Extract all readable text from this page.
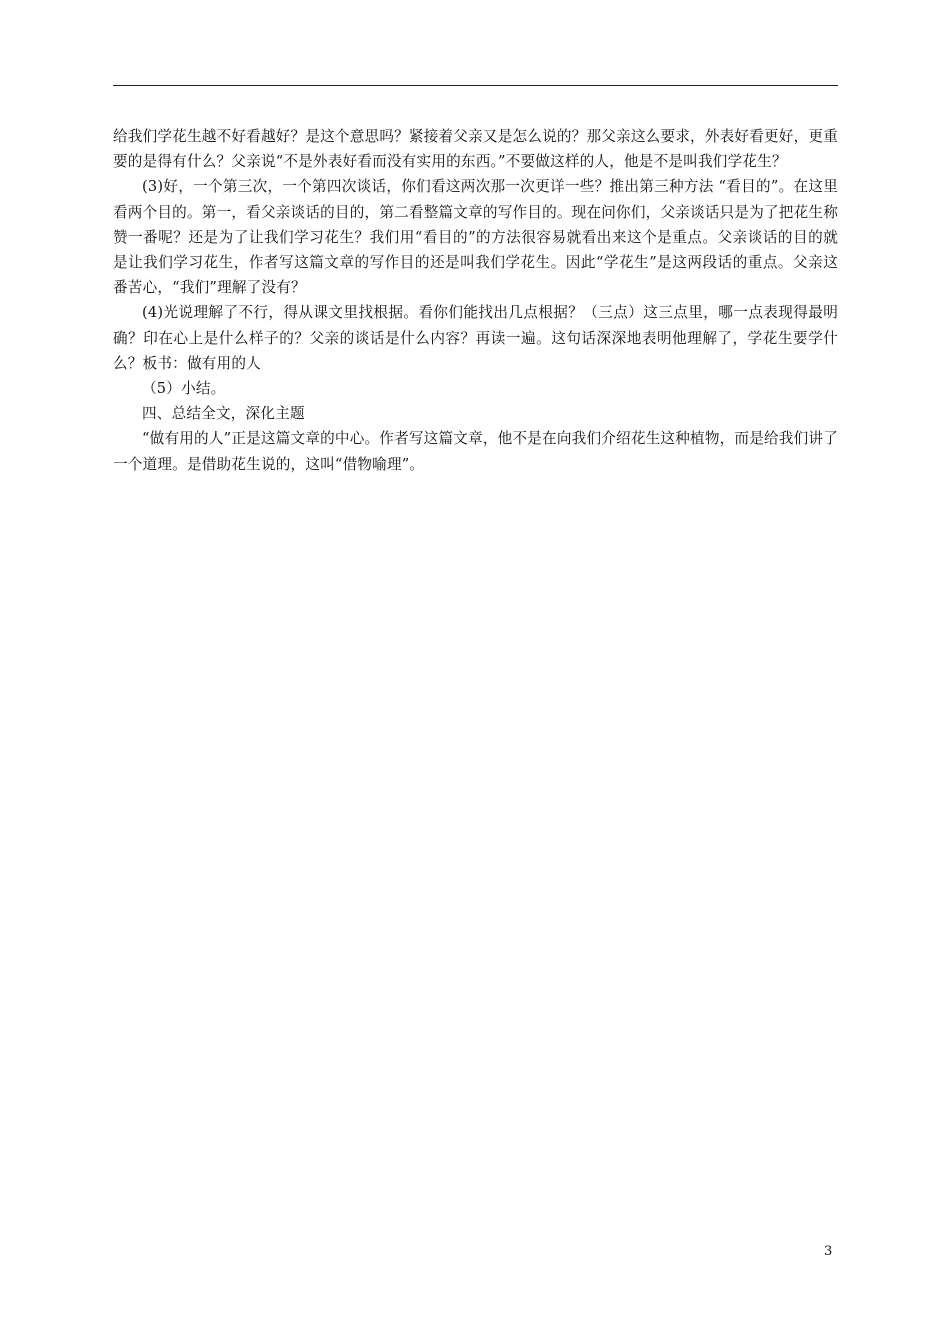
给我们学花生越不好看越好？是这个意思吗？紧接着父亲又是怎么说的？那父亲这么要求，外表好看更好，更重要的是得有什么？父亲说“不是外表好看而没有实用的东西。”不要做这样的人，他是不是叫我们学花生？

(3)好，一个第三次，一个第四次谈话，你们看这两次那一次更详一些？推出第三种方法 “看目的”。在这里看两个目的。第一，看父亲谈话的目的，第二看整篇文章的写作目的。现在问你们，父亲谈话只是为了把花生称赞一番呢？还是为了让我们学习花生？我们用“看目的”的方法很容易就看出来这个是重点。父亲谈话的目的就是让我们学习花生，作者写这篇文章的写作目的还是叫我们学花生。因此“学花生”是这两段话的重点。父亲这番苦心，“我们”理解了没有？

(4)光说理解了不行，得从课文里找根据。看你们能找出几点根据？（三点）这三点里，哪一点表现得最明确？印在心上是什么样子的？父亲的谈话是什么内容？再读一遍。这句话深深地表明他理解了，学花生要学什么？板书：做有用的人

（5）小结。

四、总结全文，深化主题

“做有用的人”正是这篇文章的中心。作者写这篇文章，他不是在向我们介绍花生这种植物，而是给我们讲了一个道理。是借助花生说的，这叫“借物喻理”。

3
